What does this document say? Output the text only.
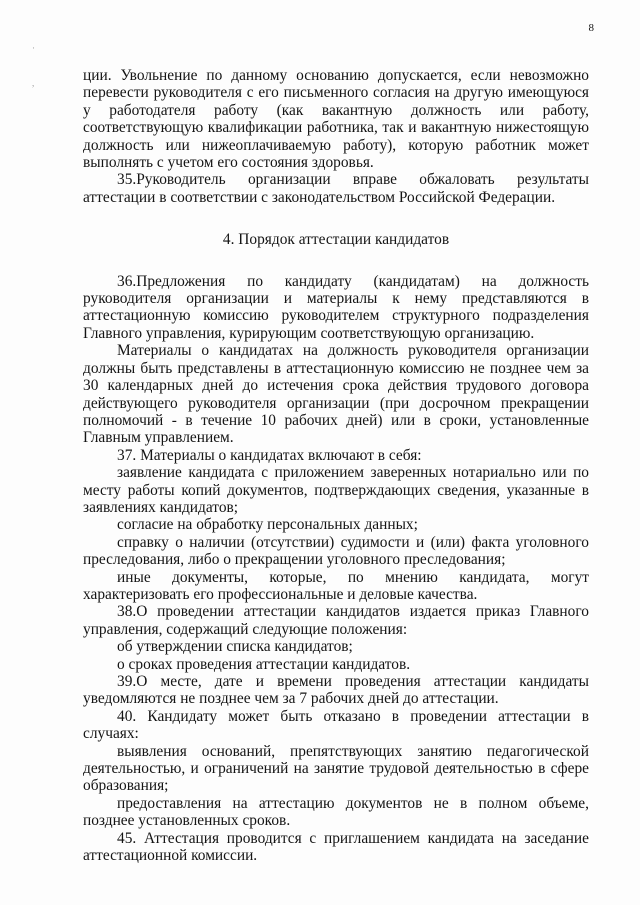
8
·

,	ции. Увольнение по данному основанию допускается, если невозможно перевести руководителя с его письменного согласия на другую имеющуюся у работодателя работу (как вакантную должность или работу, соответствующую квалификации работника, так и вакантную нижестоящую должность или нижеоплачиваемую работу), которую работник может выполнять с учетом его состояния здоровья.

35.Руководитель организации вправе обжаловать результаты аттестации в соответствии с законодательством Российской Федерации.

4. Порядок аттестации кандидатов

36.Предложения по кандидату (кандидатам) на должность руководителя организации и материалы к нему представляются в аттестационную комиссию руководителем структурного подразделения Главного управления, курирующим соответствующую организацию.

Материалы о кандидатах на должность руководителя организации должны быть представлены в аттестационную комиссию не позднее чем за 30 календарных дней до истечения срока действия трудового договора действующего руководителя организации (при досрочном прекращении полномочий - в течение 10 рабочих дней) или в сроки, установленные Главным управлением.

37. Материалы о кандидатах включают в себя:

заявление кандидата с приложением заверенных нотариально или по месту работы копий документов, подтверждающих сведения, указанные в заявлениях кандидатов;

согласие на обработку персональных данных;

справку о наличии (отсутствии) судимости и (или) факта уголовного преследования, либо о прекращении уголовного преследования;

иные документы, которые, по мнению кандидата, могут характеризовать его профессиональные и деловые качества.

38.О проведении аттестации кандидатов издается приказ Главного управления, содержащий следующие положения:

об утверждении списка кандидатов;

о сроках проведения аттестации кандидатов.

39.О месте, дате и времени проведения аттестации кандидаты уведомляются не позднее чем за 7 рабочих дней до аттестации.

40. Кандидату может быть отказано в проведении аттестации в случаях:

выявления оснований, препятствующих занятию педагогической деятельностью, и ограничений на занятие трудовой деятельностью в сфере образования;

предоставления на аттестацию документов не в полном объеме, позднее установленных сроков.

45. Аттестация проводится с приглашением кандидата на заседание аттестационной комиссии.
